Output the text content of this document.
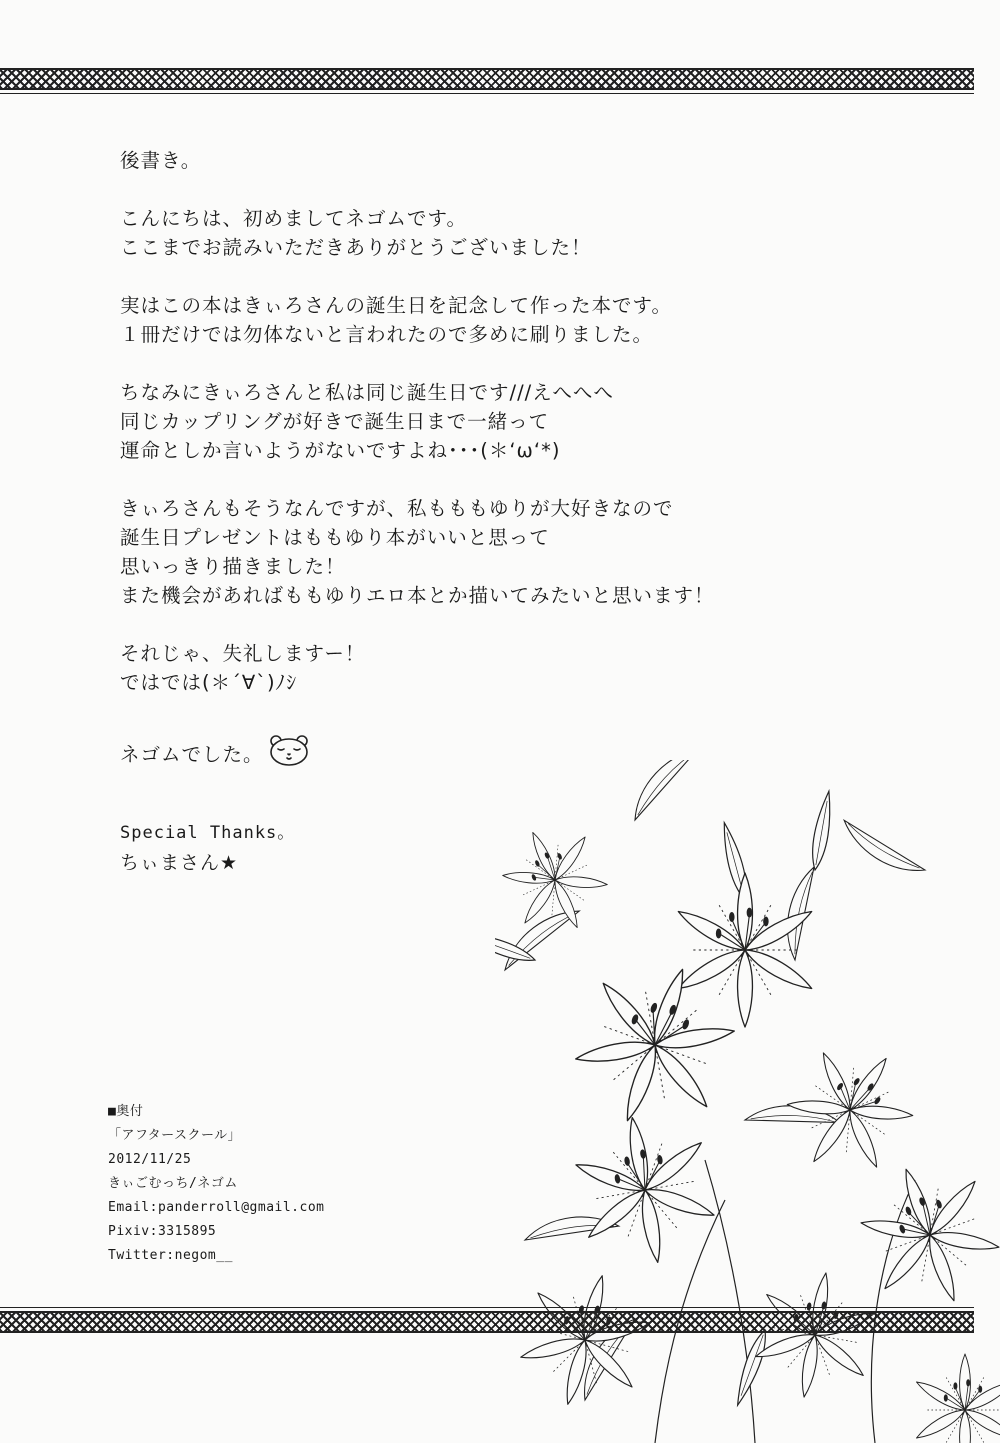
後書き。

こんにちは、初めましてネゴムです。

ここまでお読みいただきありがとうございました！

実はこの本はきぃろさんの誕生日を記念して作った本です。

１冊だけでは勿体ないと言われたので多めに刷りました。

ちなみにきぃろさんと私は同じ誕生日です///えへへへ

同じカップリングが好きで誕生日まで一緒って

運命としか言いようがないですよね･･･(＊‘ω‘*)

きぃろさんもそうなんですが、私もももゆりが大好きなので

誕生日プレゼントはももゆり本がいいと思って

思いっきり描きました！

また機会があればももゆりエロ本とか描いてみたいと思います！

それじゃ、失礼しますー！

ではでは(＊´∀`)ﾉｼ

ネゴムでした。

Special Thanks。

ちぃまさん★

■奥付

「アフタースクール」

2012/11/25

きぃごむっち/ネゴム

Email:panderroll@gmail.com

Pixiv:3315895

Twitter:negom__
